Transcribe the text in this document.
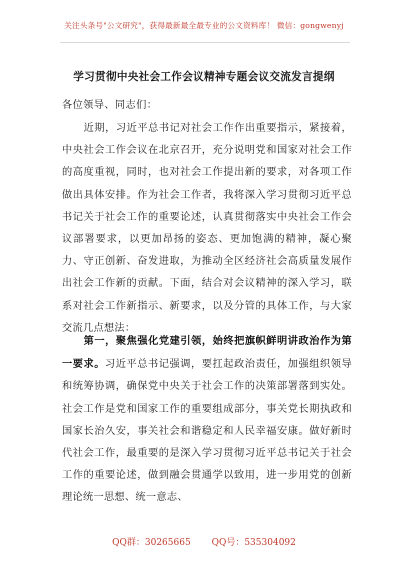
关注头条号"公文研究"，获得最新最全最专业的公文资料库！ 微信：gongwenyj
学习贯彻中央社会工作会议精神专题会议交流发言提纲
各位领导、同志们：

近期，习近平总书记对社会工作作出重要指示，紧接着，中央社会工作会议在北京召开，充分说明党和国家对社会工作的高度重视，同时，也对社会工作提出新的要求，对各项工作做出具体安排。作为社会工作者，我将深入学习贯彻习近平总书记关于社会工作的重要论述，认真贯彻落实中央社会工作会议部署要求，以更加昂扬的姿态、更加饱满的精神，凝心聚力、守正创新、奋发进取，为推动全区经济社会高质量发展作出社会工作新的贡献。下面，结合对会议精神的深入学习，联系对社会工作新指示、新要求，以及分管的具体工作，与大家交流几点想法：

第一，聚焦强化党建引领，始终把旗帜鲜明讲政治作为第一要求。习近平总书记强调，要扛起政治责任，加强组织领导和统筹协调，确保党中央关于社会工作的决策部署落到实处。社会工作是党和国家工作的重要组成部分，事关党长期执政和国家长治久安，事关社会和谐稳定和人民幸福安康。做好新时代社会工作，最重要的是深入学习贯彻习近平总书记关于社会工作的重要论述，做到融会贯通学以致用，进一步用党的创新理论统一思想、统一意志、

QQ群：30265665 QQ号：535304092
